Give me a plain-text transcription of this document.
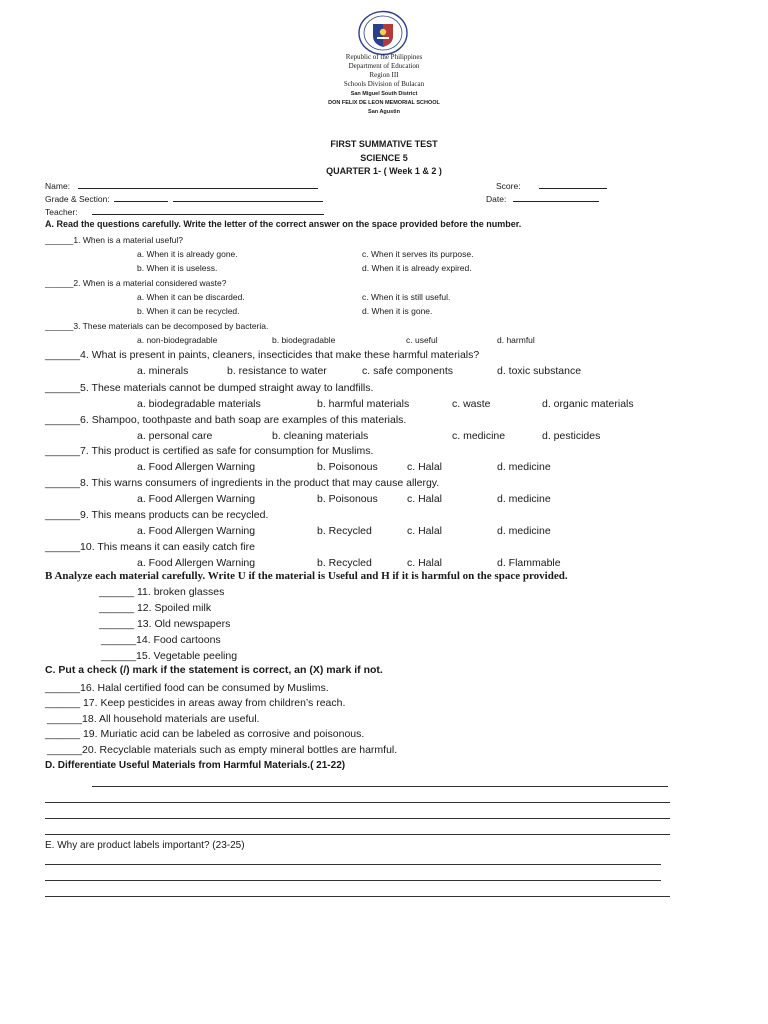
Republic of the Philippines
Department of Education
Region III
Schools Division of Bulacan
San Miguel South District
DON FELIX DE LEON MEMORIAL SCHOOL
San Agustin
FIRST SUMMATIVE TEST
SCIENCE 5
QUARTER 1- ( Week 1 & 2 )
Name:	Score:
Grade & Section:	Date:
Teacher:
A. Read the questions carefully. Write the letter of the correct answer on the space provided before the number.
______1. When is a material useful?
a. When it is already gone.	c. When it serves its purpose.
b. When it is useless.	d. When it is already expired.
______2. When is a material considered waste?
a. When it can be discarded.	c. When it is still useful.
b. When it can be recycled.	d. When it is gone.
______3. These materials can be decomposed by bacteria.
a. non-biodegradable	b. biodegradable	c. useful	d. harmful
______4. What is present in paints, cleaners, insecticides that make these harmful materials?
a. minerals	b. resistance to water	c. safe components	d. toxic substance
______5. These materials cannot be dumped straight away to landfills.
a. biodegradable materials	b. harmful materials	c. waste	d. organic materials
______6. Shampoo, toothpaste and bath soap are examples of this materials.
a. personal care	b. cleaning materials	c. medicine	d. pesticides
______7. This product is certified as safe for consumption for Muslims.
a. Food Allergen Warning	b. Poisonous	c. Halal	d. medicine
______8. This warns consumers of ingredients in the product that may cause allergy.
a. Food Allergen Warning	b. Poisonous	c. Halal	d. medicine
______9. This means products can be recycled.
a. Food Allergen Warning	b. Recycled	c. Halal	d. medicine
______10. This means it can easily catch fire
a. Food Allergen Warning	b. Recycled	c. Halal	d. Flammable
B Analyze each material carefully. Write U if the material is Useful and H if it is harmful on the space provided.
______ 11. broken glasses
______ 12. Spoiled milk
______ 13. Old newspapers
______14. Food cartoons
______15. Vegetable peeling
C. Put a check (/) mark if the statement is correct, an (X) mark if not.
______16. Halal certified food can be consumed by Muslims.
______ 17. Keep pesticides in areas away from children’s reach.
______18. All household materials are useful.
______ 19. Muriatic acid can be labeled as corrosive and poisonous.
______20. Recyclable materials such as empty mineral bottles are harmful.
D. Differentiate Useful Materials from Harmful Materials.( 21-22)
E. Why are product labels important? (23-25)
